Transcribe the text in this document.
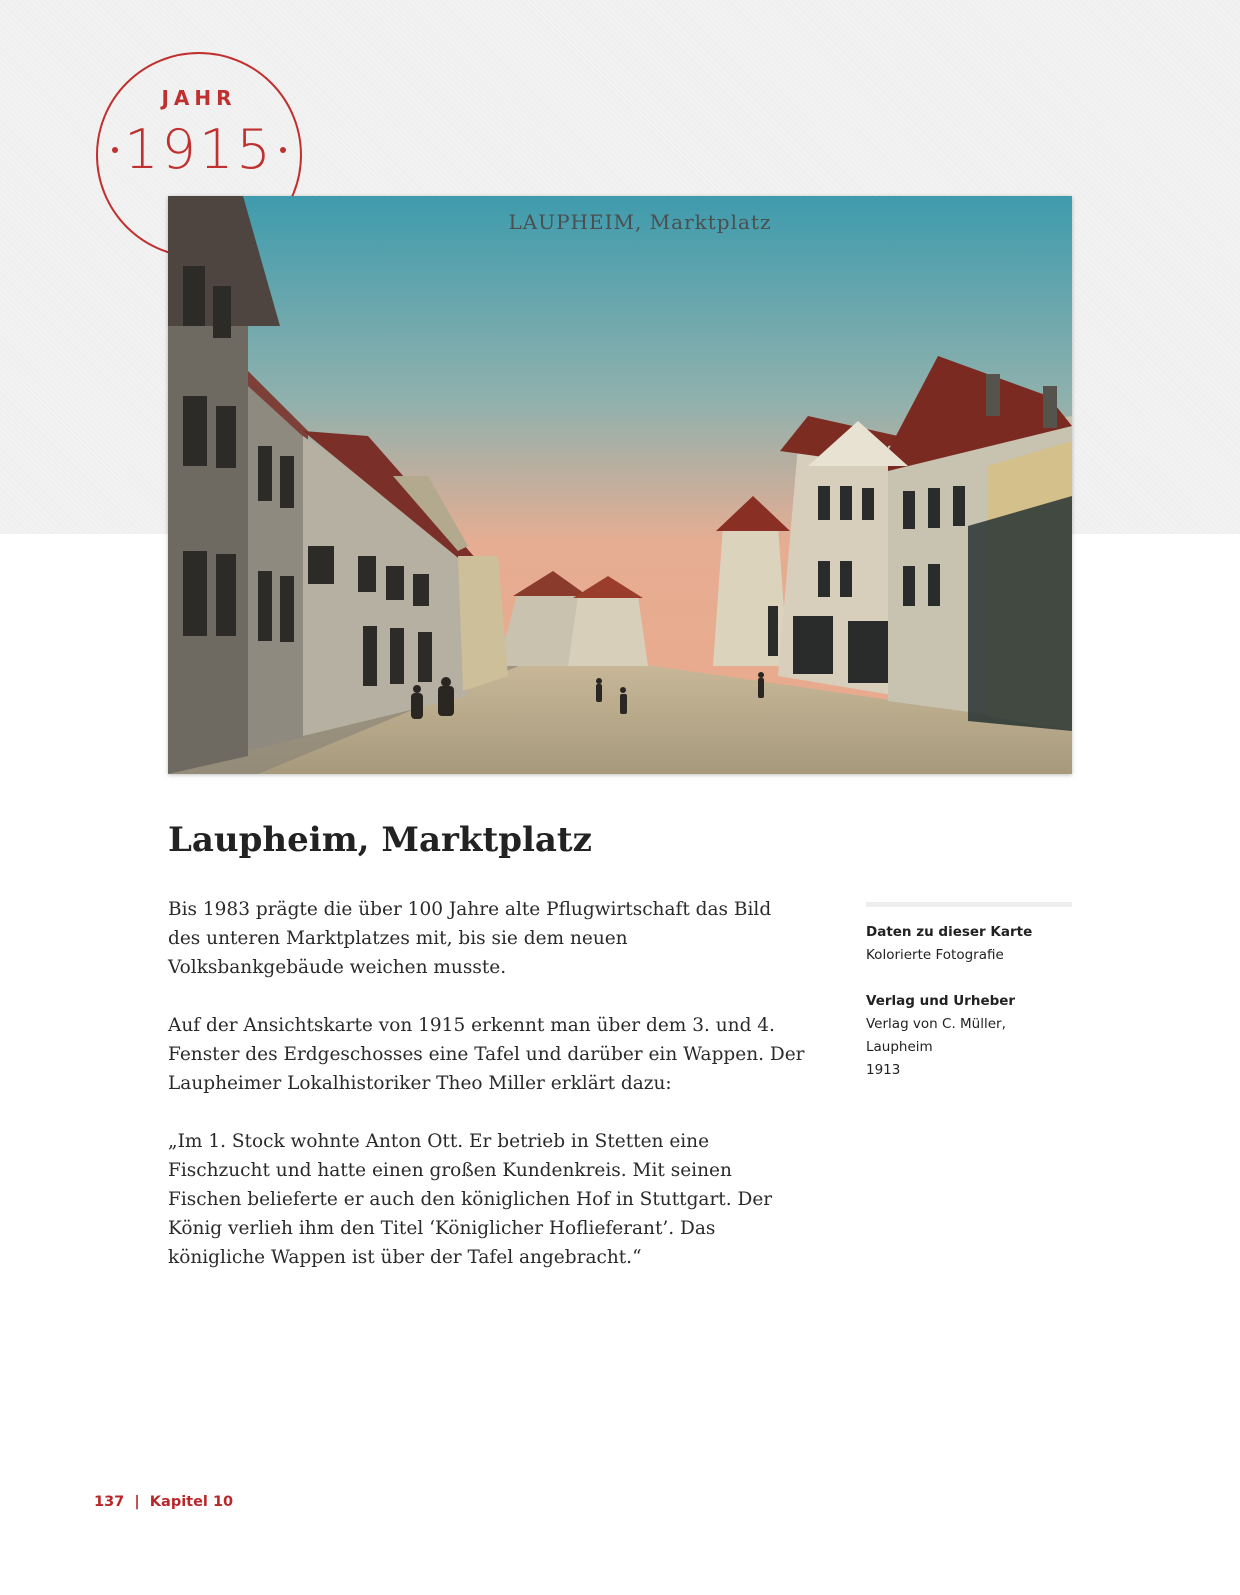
JAHR
1915
LAUPHEIM, Marktplatz
Laupheim, Marktplatz

Bis 1983 prägte die über 100 Jahre alte Pflugwirtschaft das Bild des unteren Marktplatzes mit, bis sie dem neuen Volksbankgebäude weichen musste.

Auf der Ansichtskarte von 1915 erkennt man über dem 3. und 4. Fenster des Erdgeschosses eine Tafel und darüber ein Wappen. Der Laupheimer Lokalhistoriker Theo Miller erklärt dazu:

„Im 1. Stock wohnte Anton Ott. Er betrieb in Stetten eine Fischzucht und hatte einen großen Kundenkreis. Mit seinen Fischen belieferte er auch den königlichen Hof in Stuttgart. Der König verlieh ihm den Titel ‘Königlicher Hoflieferant’. Das königliche Wappen ist über der Tafel angebracht.“

Daten zu dieser Karte
Kolorierte Fotografie
Verlag und Urheber
Verlag von C. Müller, Laupheim
1913
137 | Kapitel 10
